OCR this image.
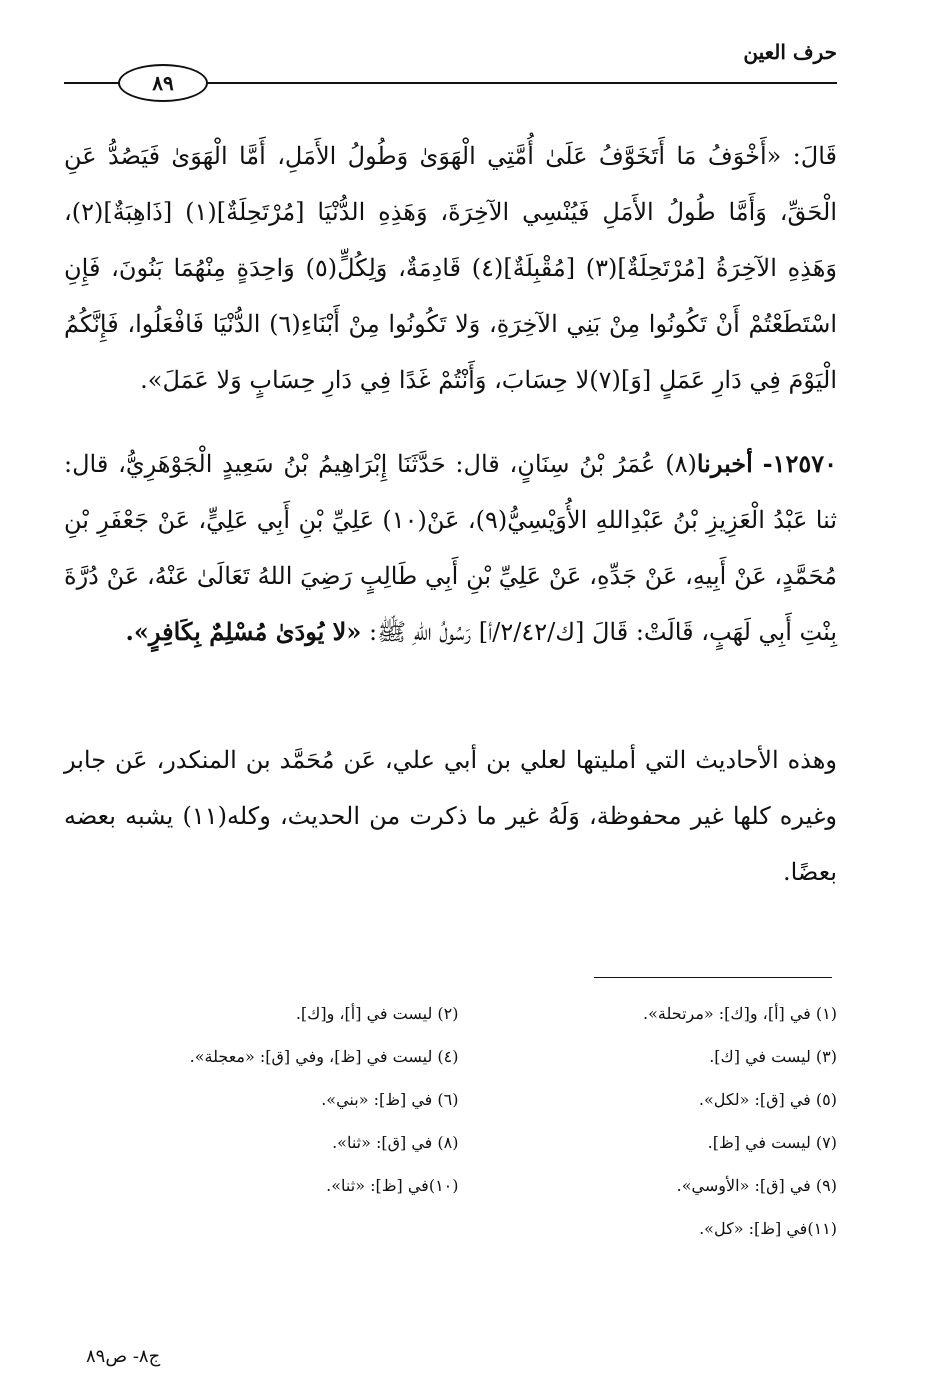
حرف العين
٨٩
قَالَ: «أَخْوَفُ مَا أَتَخَوَّفُ عَلَىٰ أُمَّتِي الْهَوَىٰ وَطُولُ الأَمَلِ، أَمَّا الْهَوَىٰ فَيَصُدُّ عَنِ الْحَقِّ، وَأَمَّا طُولُ الأَمَلِ فَيُنْسِي الآخِرَةَ، وَهَذِهِ الدُّنْيَا [مُرْتَحِلَةٌ](١) [ذَاهِبَةٌ](٢)، وَهَذِهِ الآخِرَةُ [مُرْتَحِلَةٌ](٣) [مُقْبِلَةٌ](٤) قَادِمَةٌ، وَلِكُلٍّ(٥) وَاحِدَةٍ مِنْهُمَا بَنُونَ، فَإِنِ اسْتَطَعْتُمْ أَنْ تَكُونُوا مِنْ بَنِي الآخِرَةِ، وَلا تَكُونُوا مِنْ أَبْنَاءِ(٦) الدُّنْيَا فَافْعَلُوا، فَإِنَّكُمُ الْيَوْمَ فِي دَارِ عَمَلٍ [وَ](٧)لا حِسَابَ، وَأَنْتُمْ غَدًا فِي دَارِ حِسَابٍ وَلا عَمَلَ».
١٢٥٧٠- أخبرنا(٨) عُمَرُ بْنُ سِنَانٍ، قال: حَدَّثَنَا إِبْرَاهِيمُ بْنُ سَعِيدٍ الْجَوْهَرِيُّ، قال: ثنا عَبْدُ الْعَزِيزِ بْنُ عَبْدِاللهِ الأُوَيْسِيُّ(٩)، عَنْ(١٠) عَلِيِّ بْنِ أَبِي عَلِيٍّ، عَنْ جَعْفَرِ بْنِ مُحَمَّدٍ، عَنْ أَبِيهِ، عَنْ جَدِّهِ، عَنْ عَلِيِّ بْنِ أَبِي طَالِبٍ رَضِيَ اللهُ تَعَالَىٰ عَنْهُ، عَنْ دُرَّةَ بِنْتِ أَبِي لَهَبٍ، قَالَتْ: قَالَ [ك/٢/٤٢/أ] رَسُولُ اللهِ ﷺ: «لا يُودَىٰ مُسْلِمٌ بِكَافِرٍ».
وهذه الأحاديث التي أمليتها لعلي بن أبي علي، عَن مُحَمَّد بن المنكدر، عَن جابر وغيره كلها غير محفوظة، وَلَهُ غير ما ذكرت من الحديث، وكله(١١) يشبه بعضه بعضًا.
(١) في [أ]، و[ك]: «مرتحلة».
(٢) ليست في [أ]، و[ك].
(٣) ليست في [ك].
(٤) ليست في [ظ]، وفي [ق]: «معجلة».
(٥) في [ق]: «لكل».
(٦) في [ظ]: «بني».
(٧) ليست في [ظ].
(٨) في [ق]: «ثنا».
(٩) في [ق]: «الأوسي».
(١٠)في [ظ]: «ثنا».
(١١)في [ظ]: «كل».
ج٨- ص٨٩
